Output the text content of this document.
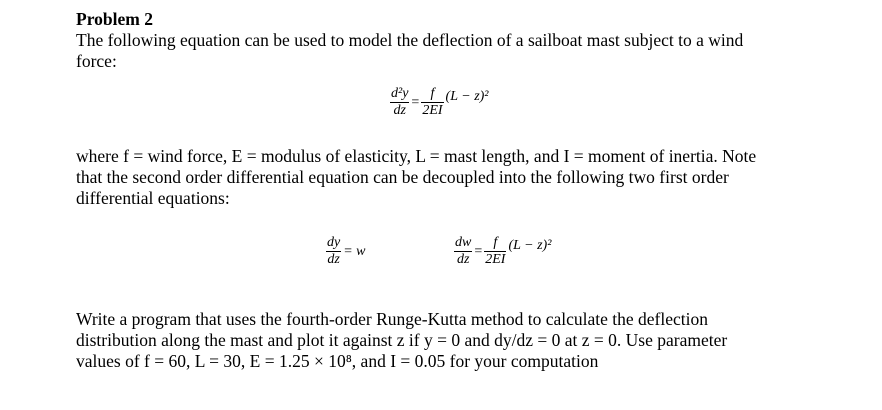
Problem 2

The following equation can be used to model the deflection of a sailboat mast subject to a wind

force:

$\frac{\text{d²y}}{dz} = \frac{f}{2EI} (L - z)^2$

where f = wind force, E = modulus of elasticity, L = mast length, and I = moment of inertia. Note

that the second order differential equation can be decoupled into the following two first order

differential equations:

$\frac{dy}{dz} = w$	$\frac{dw}{dz} = \frac{f}{2EI} (L - z)^2$

Write a program that uses the fourth-order Runge-Kutta method to calculate the deflection

distribution along the mast and plot it against z if y = 0 and dy/dz = 0 at z = 0. Use parameter

values of f = 60, L = 30, E = 1.25 × 10⁸, and I = 0.05 for your computation
